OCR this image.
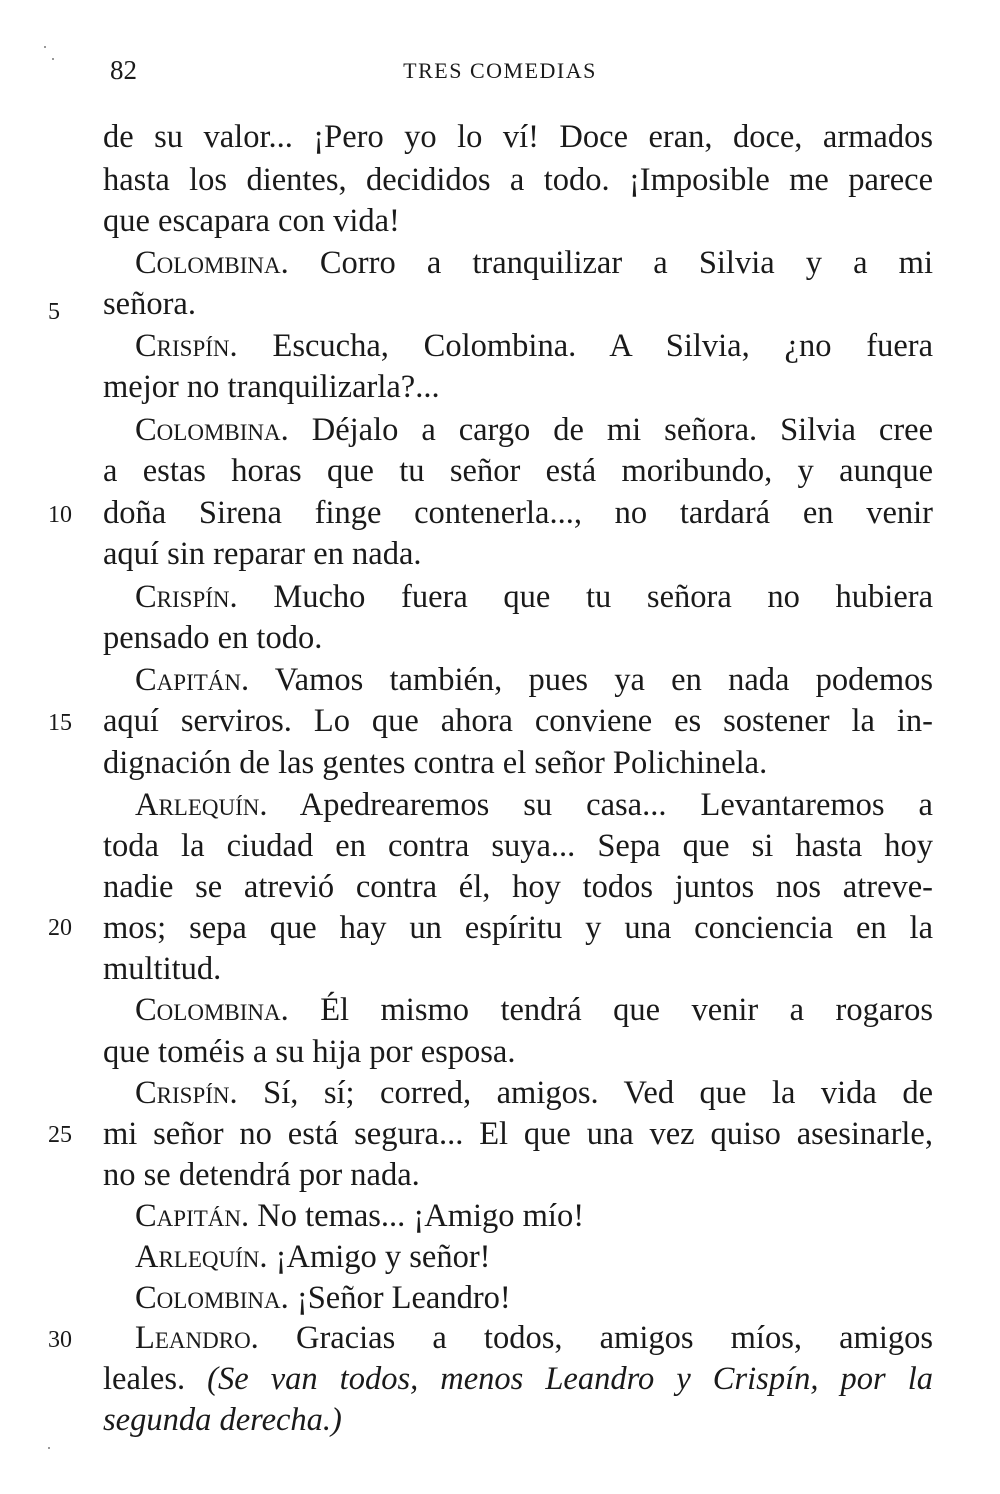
82	TRES COMEDIAS
5
10
15
20
25
30
de su valor... ¡Pero yo lo ví! Doce eran, doce, armados
hasta los dientes, decididos a todo. ¡Imposible me parece
que escapara con vida!
Colombina. Corro a tranquilizar a Silvia y a mi
señora.
Crispín. Escucha, Colombina. A Silvia, ¿no fuera
mejor no tranquilizarla?...
Colombina. Déjalo a cargo de mi señora. Silvia cree
a estas horas que tu señor está moribundo, y aunque
doña Sirena finge contenerla..., no tardará en venir
aquí sin reparar en nada.
Crispín. Mucho fuera que tu señora no hubiera
pensado en todo.
Capitán. Vamos también, pues ya en nada podemos
aquí serviros. Lo que ahora conviene es sostener la in-
dignación de las gentes contra el señor Polichinela.
Arlequín. Apedrearemos su casa... Levantaremos a
toda la ciudad en contra suya... Sepa que si hasta hoy
nadie se atrevió contra él, hoy todos juntos nos atreve-
mos; sepa que hay un espíritu y una conciencia en la
multitud.
Colombina. Él mismo tendrá que venir a rogaros
que toméis a su hija por esposa.
Crispín. Sí, sí; corred, amigos. Ved que la vida de
mi señor no está segura... El que una vez quiso asesinarle,
no se detendrá por nada.
Capitán. No temas... ¡Amigo mío!
Arlequín. ¡Amigo y señor!
Colombina. ¡Señor Leandro!
Leandro. Gracias a todos, amigos míos, amigos
leales. (Se van todos, menos Leandro y Crispín, por la
segunda derecha.)
